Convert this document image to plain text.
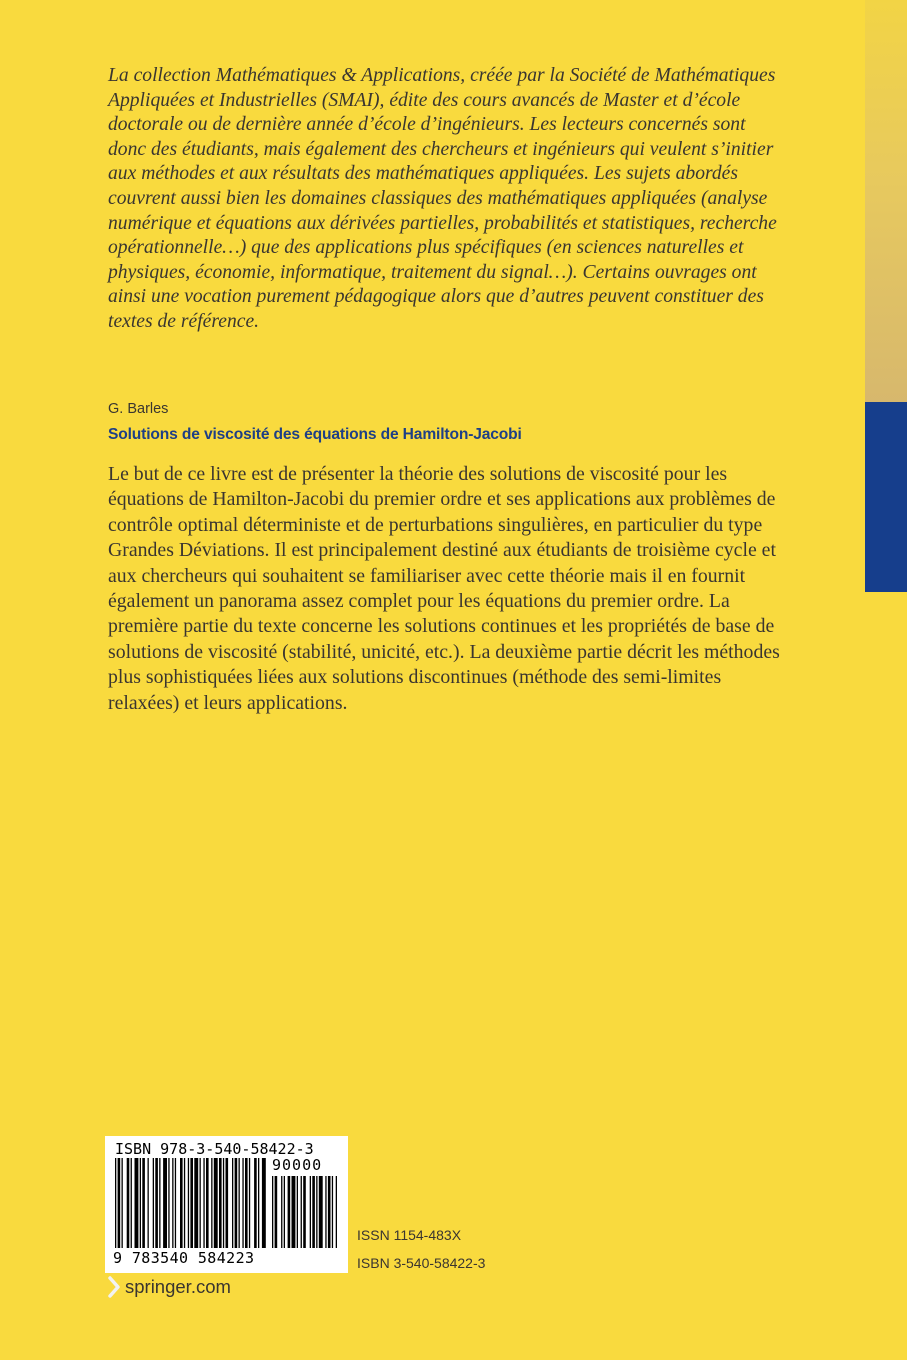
La collection Mathématiques & Applications, créée par la Société de Mathématiques Appliquées et Industrielles (SMAI), édite des cours avancés de Master et d’école doctorale ou de dernière année d’école d’ingénieurs. Les lecteurs concernés sont donc des étudiants, mais également des chercheurs et ingénieurs qui veulent s’initier aux méthodes et aux résultats des mathématiques appliquées. Les sujets abordés couvrent aussi bien les domaines classiques des mathématiques appliquées (analyse numérique et équations aux dérivées partielles, probabilités et statistiques, recherche opérationnelle…) que des applications plus spécifiques (en sciences naturelles et physiques, économie, informatique, traitement du signal…). Certains ouvrages ont ainsi une vocation purement pédagogique alors que d’autres peuvent constituer des textes de référence.

G. Barles
Solutions de viscosité des équations de Hamilton-Jacobi

Le but de ce livre est de présenter la théorie des solutions de viscosité pour les équations de Hamilton-Jacobi du premier ordre et ses applications aux problèmes de contrôle optimal déterministe et de perturbations singulières, en particulier du type Grandes Déviations. Il est principalement destiné aux étudiants de troisième cycle et aux chercheurs qui souhaitent se familiariser avec cette théorie mais il en fournit également un panorama assez complet pour les équations du premier ordre. La première partie du texte concerne les solutions continues et les propriétés de base de solutions de viscosité (stabilité, unicité, etc.). La deuxième partie décrit les méthodes plus sophistiquées liées aux solutions discontinues (méthode des semi-limites relaxées) et leurs applications.

ISBN 978-3-540-58422-3
90000
9 783540 584223
ISSN 1154-483X
ISBN 3-540-58422-3
springer.com
